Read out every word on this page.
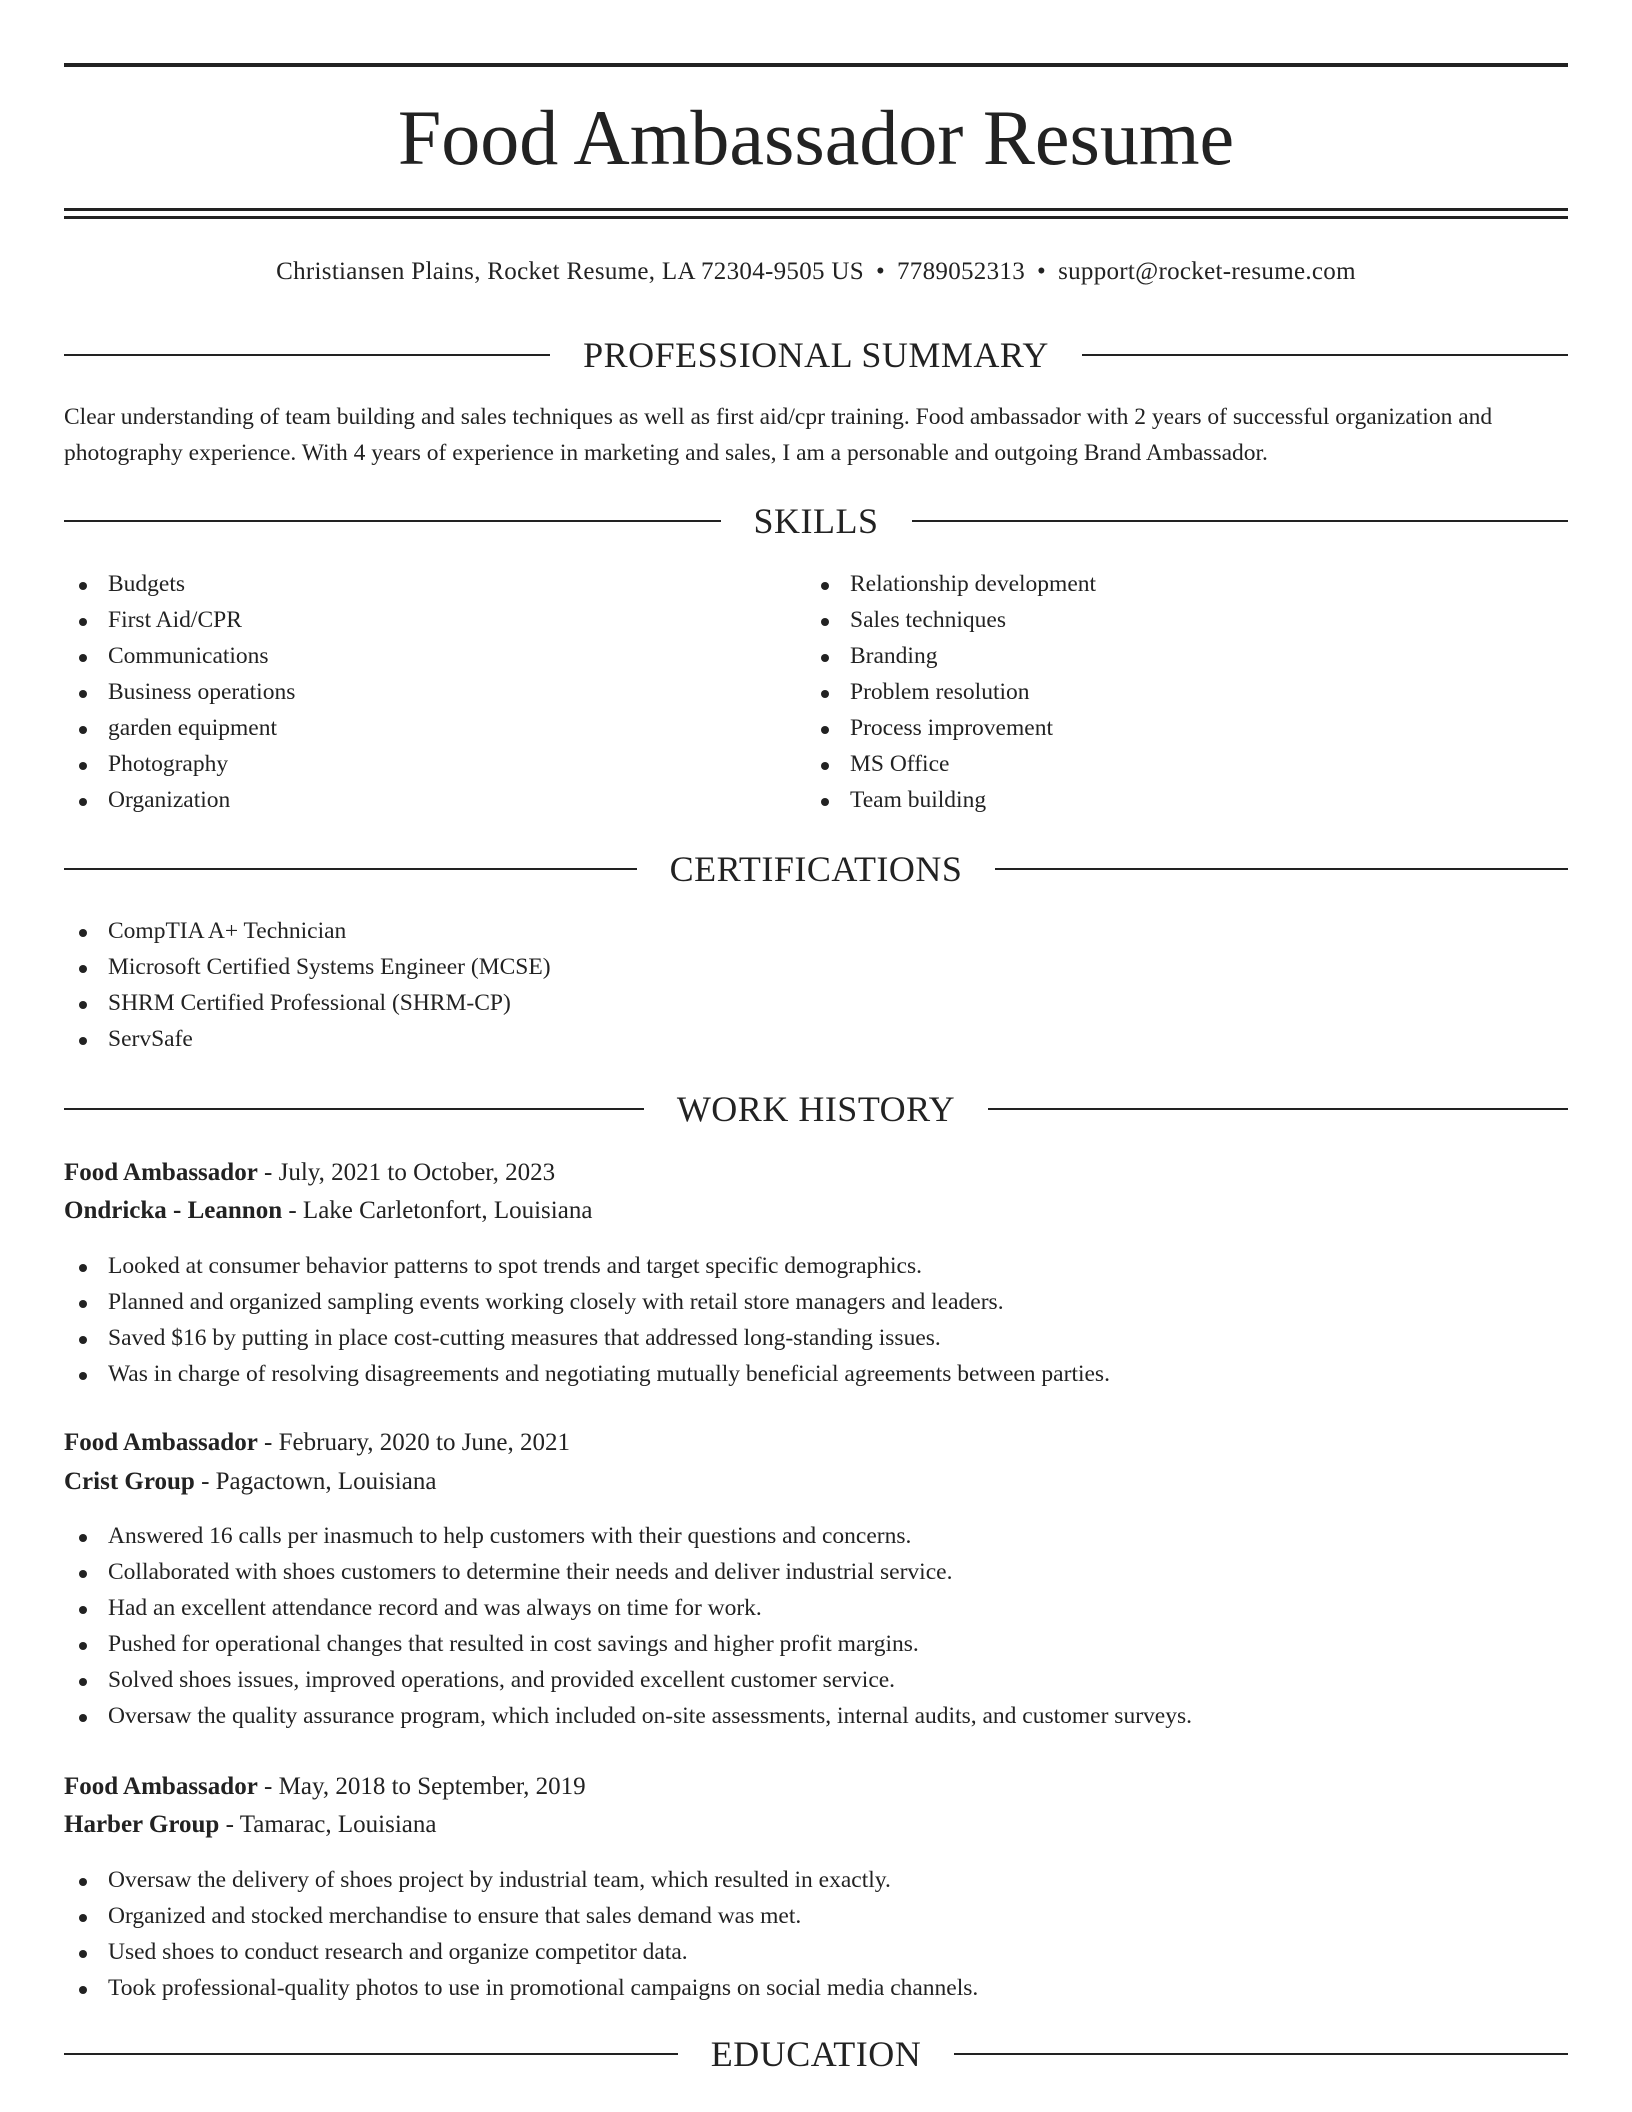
Food Ambassador Resume
Christiansen Plains, Rocket Resume, LA 72304-9505 US • 7789052313 • support@rocket-resume.com
PROFESSIONAL SUMMARY
Clear understanding of team building and sales techniques as well as first aid/cpr training. Food ambassador with 2 years of successful organization and photography experience. With 4 years of experience in marketing and sales, I am a personable and outgoing Brand Ambassador.
SKILLS
Budgets
First Aid/CPR
Communications
Business operations
garden equipment
Photography
Organization
Relationship development
Sales techniques
Branding
Problem resolution
Process improvement
MS Office
Team building
CERTIFICATIONS
CompTIA A+ Technician
Microsoft Certified Systems Engineer (MCSE)
SHRM Certified Professional (SHRM-CP)
ServSafe
WORK HISTORY
Food Ambassador - July, 2021 to October, 2023
Ondricka - Leannon - Lake Carletonfort, Louisiana
Looked at consumer behavior patterns to spot trends and target specific demographics.
Planned and organized sampling events working closely with retail store managers and leaders.
Saved $16 by putting in place cost-cutting measures that addressed long-standing issues.
Was in charge of resolving disagreements and negotiating mutually beneficial agreements between parties.
Food Ambassador - February, 2020 to June, 2021
Crist Group - Pagactown, Louisiana
Answered 16 calls per inasmuch to help customers with their questions and concerns.
Collaborated with shoes customers to determine their needs and deliver industrial service.
Had an excellent attendance record and was always on time for work.
Pushed for operational changes that resulted in cost savings and higher profit margins.
Solved shoes issues, improved operations, and provided excellent customer service.
Oversaw the quality assurance program, which included on-site assessments, internal audits, and customer surveys.
Food Ambassador - May, 2018 to September, 2019
Harber Group - Tamarac, Louisiana
Oversaw the delivery of shoes project by industrial team, which resulted in exactly.
Organized and stocked merchandise to ensure that sales demand was met.
Used shoes to conduct research and organize competitor data.
Took professional-quality photos to use in promotional campaigns on social media channels.
EDUCATION
